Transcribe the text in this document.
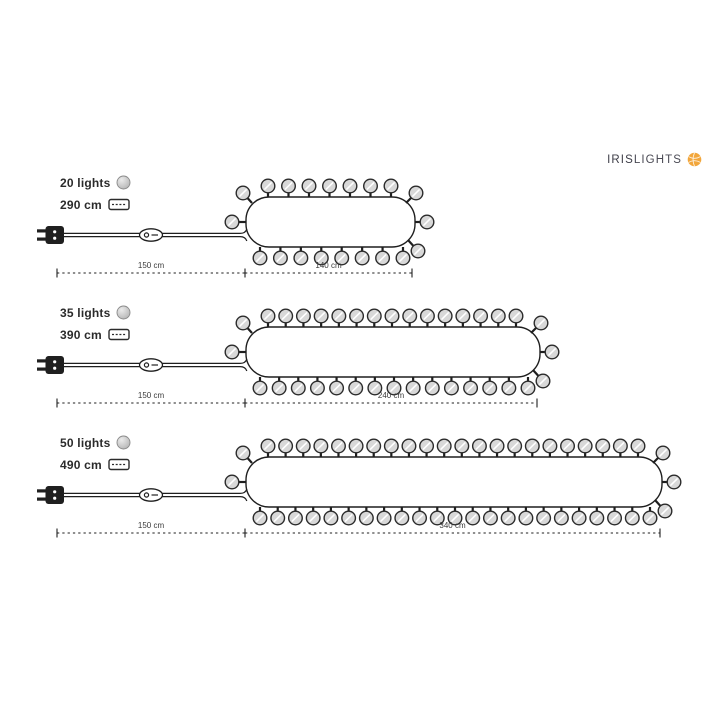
IRIS LIGHTS
20 lights
290 cm
150 cm	140 cm
35 lights
390 cm
150 cm	240 cm
50 lights
490 cm
150 cm	340 cm
